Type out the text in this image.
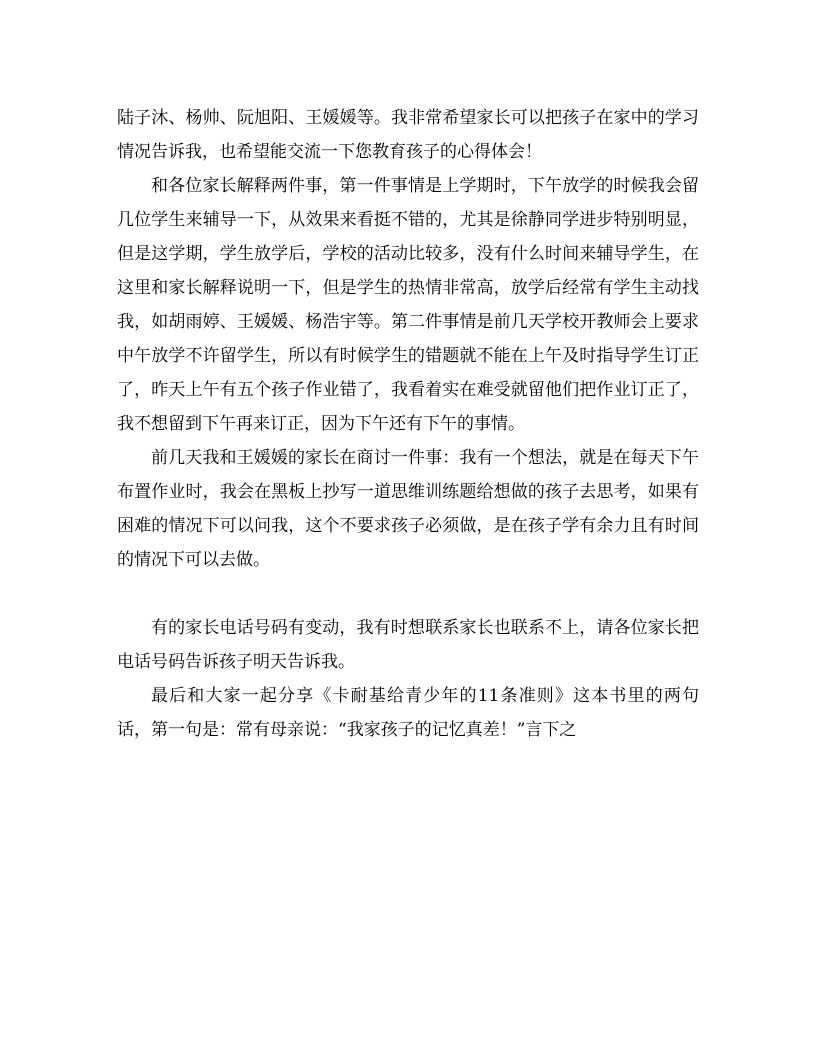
陆子沐、杨帅、阮旭阳、王媛媛等。我非常希望家长可以把孩子在家中的学习情况告诉我，也希望能交流一下您教育孩子的心得体会！

和各位家长解释两件事，第一件事情是上学期时，下午放学的时候我会留几位学生来辅导一下，从效果来看挺不错的，尤其是徐静同学进步特别明显，但是这学期，学生放学后，学校的活动比较多，没有什么时间来辅导学生，在这里和家长解释说明一下，但是学生的热情非常高，放学后经常有学生主动找我，如胡雨婷、王媛媛、杨浩宇等。第二件事情是前几天学校开教师会上要求中午放学不许留学生，所以有时候学生的错题就不能在上午及时指导学生订正了，昨天上午有五个孩子作业错了，我看着实在难受就留他们把作业订正了，我不想留到下午再来订正，因为下午还有下午的事情。

前几天我和王媛媛的家长在商讨一件事：我有一个想法，就是在每天下午布置作业时，我会在黑板上抄写一道思维训练题给想做的孩子去思考，如果有困难的情况下可以问我，这个不要求孩子必须做，是在孩子学有余力且有时间的情况下可以去做。

有的家长电话号码有变动，我有时想联系家长也联系不上，请各位家长把电话号码告诉孩子明天告诉我。

最后和大家一起分享《卡耐基给青少年的11条准则》这本书里的两句话，第一句是：常有母亲说：“我家孩子的记忆真差！”言下之
